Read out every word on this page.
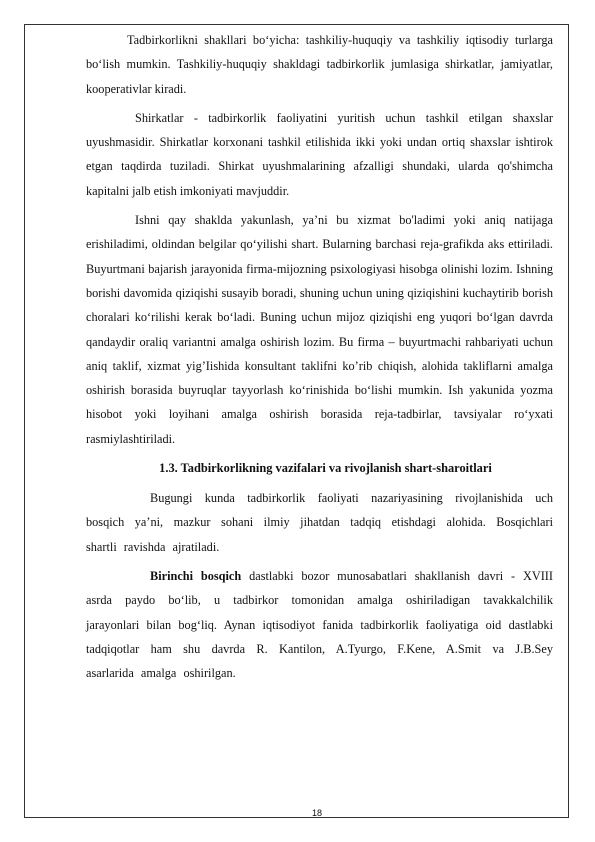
Tadbirkorlikni shakllari bo‘yicha: tashkiliy-huquqiy va tashkiliy iqtisodiy turlarga bo‘lish mumkin. Tashkiliy-huquqiy shakldagi tadbirkorlik jumlasiga shirkatlar, jamiyatlar, kooperativlar kiradi.

Shirkatlar - tadbirkorlik faoliyatini yuritish uchun tashkil etilgan shaxslar uyushmasidir. Shirkatlar korxonani tashkil etilishida ikki yoki undan ortiq shaxslar ishtirok etgan taqdirda tuziladi. Shirkat uyushmalarining afzalligi shundaki, ularda qo'shimcha kapitalni jalb etish imkoniyati mavjuddir.

Ishni qay shaklda yakunlash, ya’ni bu xizmat bo'ladimi yoki aniq natijaga erishiladimi, oldindan belgilar qo‘yilishi shart. Bularning barchasi reja-grafikda aks ettiriladi. Buyurtmani bajarish jarayonida firma-mijozning psixologiyasi hisobga olinishi lozim. Ishning borishi davomida qiziqishi susayib boradi, shuning uchun uning qiziqishini kuchaytirib borish choralari ko‘rilishi kerak bo‘ladi. Buning uchun mijoz qiziqishi eng yuqori bo‘lgan davrda qandaydir oraliq variantni amalga oshirish lozim. Bu firma – buyurtmachi rahbariyati uchun aniq taklif, xizmat yig’Iishida konsultant taklifni ko’rib chiqish, alohida takliflarni amalga oshirish borasida buyruqlar tayyorlash ko‘rinishida bo‘lishi mumkin. Ish yakunida yozma hisobot yoki loyihani amalga oshirish borasida reja-tadbirlar, tavsiyalar ro‘yxati rasmiylashtiriladi.

1.3. Tadbirkorlikning vazifalari va rivojlanish shart-sharoitlari

Bugungi kunda tadbirkorlik faoliyati nazariyasining rivojlanishida uch bosqich ya’ni, mazkur sohani ilmiy jihatdan tadqiq etishdagi alohida. Bosqichlari shartli ravishda ajratiladi.

Birinchi bosqich dastlabki bozor munosabatlari shakllanish davri - XVIII asrda paydo bo‘lib, u tadbirkor tomonidan amalga oshiriladigan tavakkalchilik jarayonlari bilan bog‘liq. Aynan iqtisodiyot fanida tadbirkorlik faoliyatiga oid dastlabki tadqiqotlar ham shu davrda R. Kantilon, A.Tyurgo, F.Kene, A.Smit va J.B.Sey asarlarida amalga oshirilgan.

18
